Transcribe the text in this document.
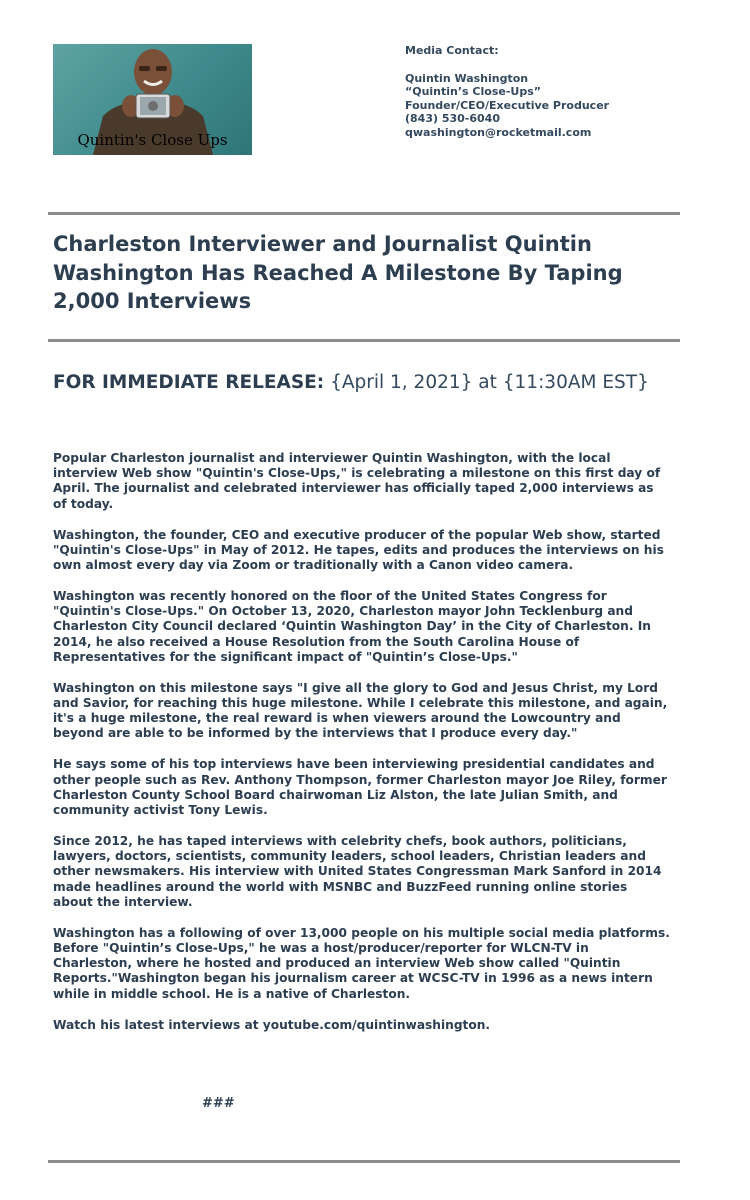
Quintin's Close Ups
Media Contact:
Quintin Washington
“Quintin’s Close-Ups”
Founder/CEO/Executive Producer
(843) 530-6040
qwashington@rocketmail.com
Charleston Interviewer and Journalist Quintin Washington Has Reached A Milestone By Taping 2,000 Interviews
FOR IMMEDIATE RELEASE: {April 1, 2021} at {11:30AM EST}

Popular Charleston journalist and interviewer Quintin Washington, with the local interview Web show "Quintin's Close-Ups," is celebrating a milestone on this first day of April. The journalist and celebrated interviewer has officially taped 2,000 interviews as of today.

Washington, the founder, CEO and executive producer of the popular Web show, started "Quintin's Close-Ups" in May of 2012. He tapes, edits and produces the interviews on his own almost every day via Zoom or traditionally with a Canon video camera.

Washington was recently honored on the floor of the United States Congress for "Quintin's Close-Ups." On October 13, 2020, Charleston mayor John Tecklenburg and Charleston City Council declared ‘Quintin Washington Day’ in the City of Charleston. In 2014, he also received a House Resolution from the South Carolina House of Representatives for the significant impact of "Quintin’s Close-Ups."

Washington on this milestone says "I give all the glory to God and Jesus Christ, my Lord and Savior, for reaching this huge milestone. While I celebrate this milestone, and again, it's a huge milestone, the real reward is when viewers around the Lowcountry and beyond are able to be informed by the interviews that I produce every day."

He says some of his top interviews have been interviewing presidential candidates and other people such as Rev. Anthony Thompson, former Charleston mayor Joe Riley, former Charleston County School Board chairwoman Liz Alston, the late Julian Smith, and community activist Tony Lewis.

Since 2012, he has taped interviews with celebrity chefs, book authors, politicians, lawyers, doctors, scientists, community leaders, school leaders, Christian leaders and other newsmakers. His interview with United States Congressman Mark Sanford in 2014 made headlines around the world with MSNBC and BuzzFeed running online stories about the interview.

Washington has a following of over 13,000 people on his multiple social media platforms. Before "Quintin’s Close-Ups," he was a host/producer/reporter for WLCN-TV in Charleston, where he hosted and produced an interview Web show called "Quintin Reports."Washington began his journalism career at WCSC-TV in 1996 as a news intern while in middle school. He is a native of Charleston.

Watch his latest interviews at youtube.com/quintinwashington.

###
